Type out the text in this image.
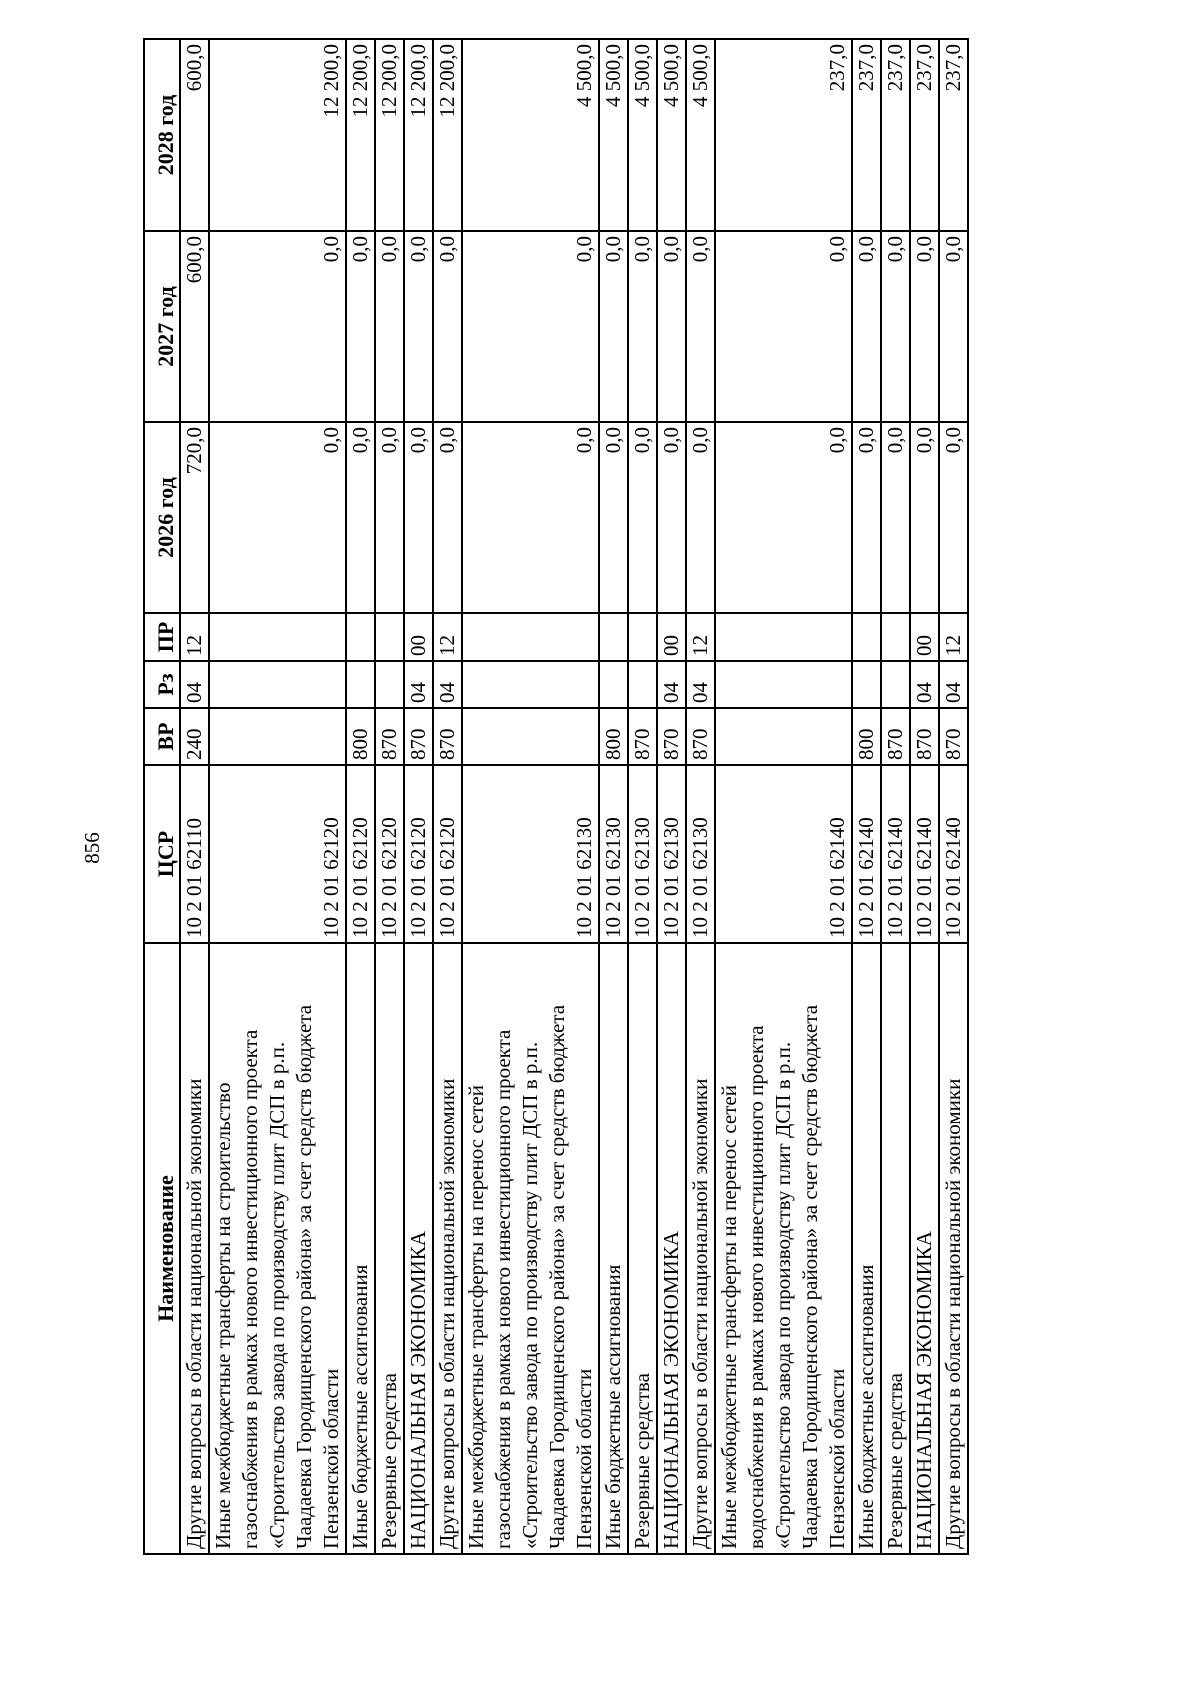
856
Наименование	ЦСР	ВР	Рз	ПР	2026 год	2027 год	2028 год
Другие вопросы в области национальной экономики	10 2 01 62110	240	04	12	720,0	600,0	600,0
Иные межбюджетные трансферты на строительство газоснабжения в рамках нового инвестиционного проекта «Строительство завода по производству плит ДСП в р.п. Чаадаевка Городищенского района» за счет средств бюджета Пензенской области	10 2 01 62120				0,0	0,0	12 200,0
Иные бюджетные ассигнования	10 2 01 62120	800			0,0	0,0	12 200,0
Резервные средства	10 2 01 62120	870			0,0	0,0	12 200,0
НАЦИОНАЛЬНАЯ ЭКОНОМИКА	10 2 01 62120	870	04	00	0,0	0,0	12 200,0
Другие вопросы в области национальной экономики	10 2 01 62120	870	04	12	0,0	0,0	12 200,0
Иные межбюджетные трансферты на перенос сетей газоснабжения в рамках нового инвестиционного проекта «Строительство завода по производству плит ДСП в р.п. Чаадаевка Городищенского района» за счет средств бюджета Пензенской области	10 2 01 62130				0,0	0,0	4 500,0
Иные бюджетные ассигнования	10 2 01 62130	800			0,0	0,0	4 500,0
Резервные средства	10 2 01 62130	870			0,0	0,0	4 500,0
НАЦИОНАЛЬНАЯ ЭКОНОМИКА	10 2 01 62130	870	04	00	0,0	0,0	4 500,0
Другие вопросы в области национальной экономики	10 2 01 62130	870	04	12	0,0	0,0	4 500,0
Иные межбюджетные трансферты на перенос сетей водоснабжения в рамках нового инвестиционного проекта «Строительство завода по производству плит ДСП в р.п. Чаадаевка Городищенского района» за счет средств бюджета Пензенской области	10 2 01 62140				0,0	0,0	237,0
Иные бюджетные ассигнования	10 2 01 62140	800			0,0	0,0	237,0
Резервные средства	10 2 01 62140	870			0,0	0,0	237,0
НАЦИОНАЛЬНАЯ ЭКОНОМИКА	10 2 01 62140	870	04	00	0,0	0,0	237,0
Другие вопросы в области национальной экономики	10 2 01 62140	870	04	12	0,0	0,0	237,0
